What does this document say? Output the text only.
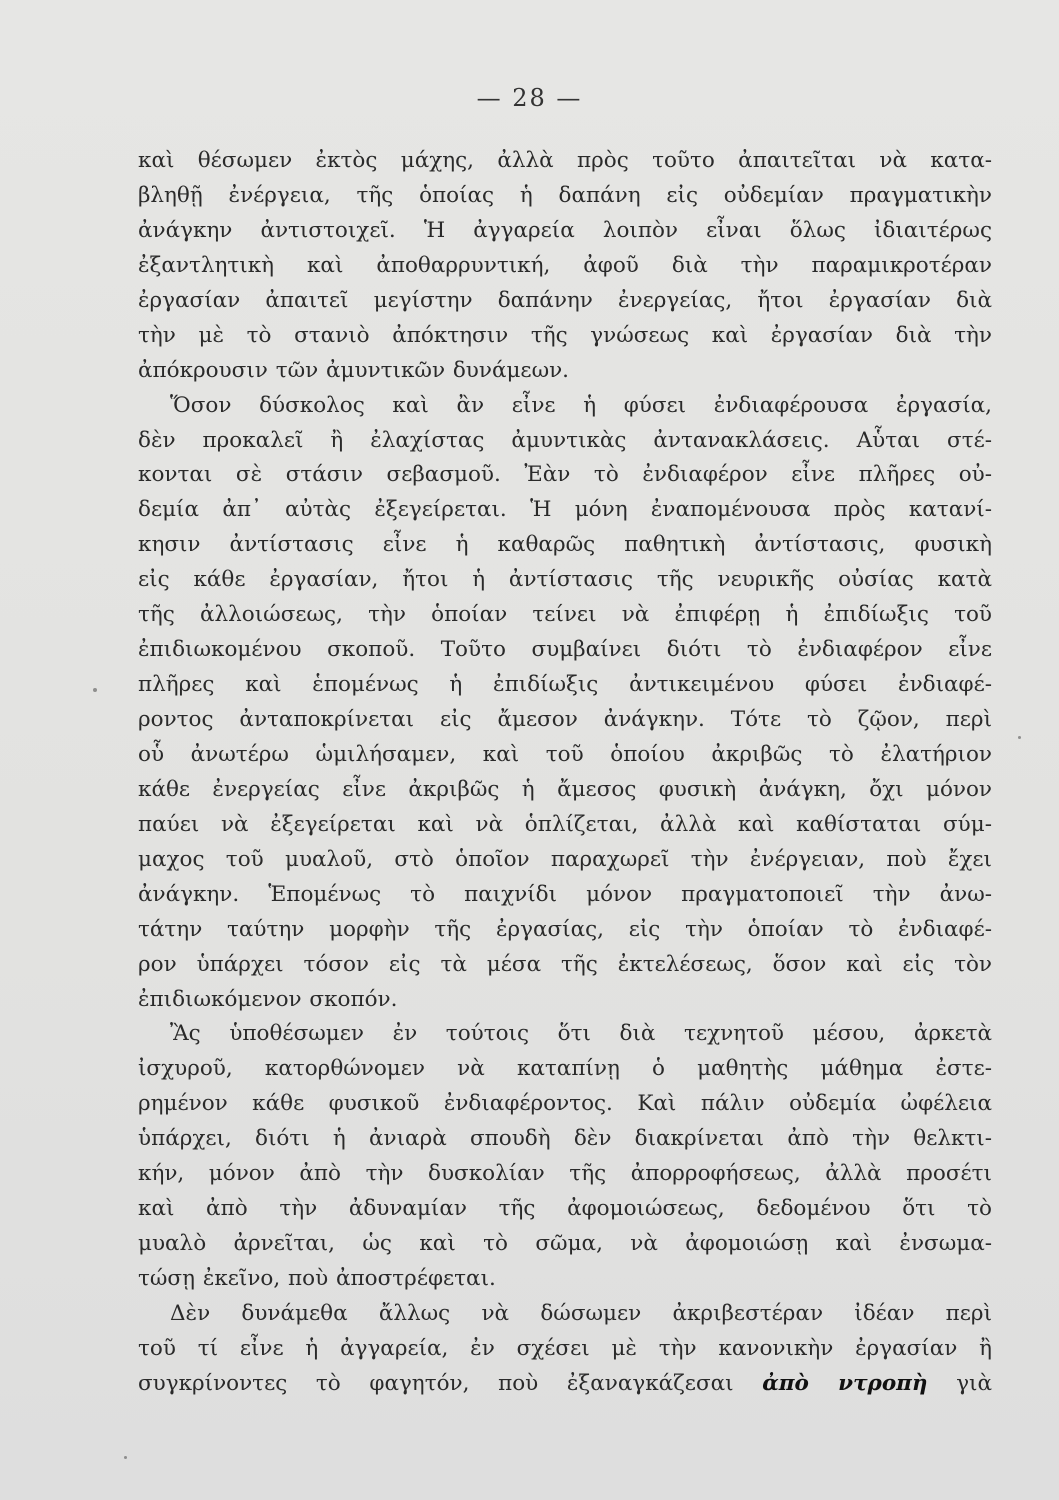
— 28 —
καὶ θέσωμεν ἐκτὸς μάχης, ἀλλὰ πρὸς τοῦτο ἀπαιτεῖται νὰ κατα-
βληθῇ ἐνέργεια, τῆς ὁποίας ἡ δαπάνη εἰς οὐδεμίαν πραγματικὴν
ἀνάγκην ἀντιστοιχεῖ. Ἡ ἀγγαρεία λοιπὸν εἶναι ὅλως ἰδιαιτέρως
ἐξαντλητικὴ καὶ ἀποθαρρυντική, ἀφοῦ διὰ τὴν παραμικροτέραν
ἐργασίαν ἀπαιτεῖ μεγίστην δαπάνην ἐνεργείας, ἤτοι ἐργασίαν διὰ
τὴν μὲ τὸ στανιὸ ἀπόκτησιν τῆς γνώσεως καὶ ἐργασίαν διὰ τὴν
ἀπόκρουσιν τῶν ἀμυντικῶν δυνάμεων.
Ὅσον δύσκολος καὶ ἂν εἶνε ἡ φύσει ἐνδιαφέρουσα ἐργασία,
δὲν προκαλεῖ ἢ ἐλαχίστας ἀμυντικὰς ἀντανακλάσεις. Αὗται στέ-
κονται σὲ στάσιν σεβασμοῦ. Ἐὰν τὸ ἐνδιαφέρον εἶνε πλῆρες οὐ-
δεμία ἀπ᾽ αὐτὰς ἐξεγείρεται. Ἡ μόνη ἐναπομένουσα πρὸς κατανί-
κησιν ἀντίστασις εἶνε ἡ καθαρῶς παθητικὴ ἀντίστασις, φυσικὴ
εἰς κάθε ἐργασίαν, ἤτοι ἡ ἀντίστασις τῆς νευρικῆς οὐσίας κατὰ
τῆς ἀλλοιώσεως, τὴν ὁποίαν τείνει νὰ ἐπιφέρῃ ἡ ἐπιδίωξις τοῦ
ἐπιδιωκομένου σκοποῦ. Τοῦτο συμβαίνει διότι τὸ ἐνδιαφέρον εἶνε
πλῆρες καὶ ἑπομένως ἡ ἐπιδίωξις ἀντικειμένου φύσει ἐνδιαφέ-
ροντος ἀνταποκρίνεται εἰς ἄμεσον ἀνάγκην. Τότε τὸ ζῷον, περὶ
οὗ ἀνωτέρω ὡμιλήσαμεν, καὶ τοῦ ὁποίου ἀκριβῶς τὸ ἐλατήριον
κάθε ἐνεργείας εἶνε ἀκριβῶς ἡ ἄμεσος φυσικὴ ἀνάγκη, ὄχι μόνον
παύει νὰ ἐξεγείρεται καὶ νὰ ὁπλίζεται, ἀλλὰ καὶ καθίσταται σύμ-
μαχος τοῦ μυαλοῦ, στὸ ὁποῖον παραχωρεῖ τὴν ἐνέργειαν, ποὺ ἔχει
ἀνάγκην. Ἑπομένως τὸ παιχνίδι μόνον πραγματοποιεῖ τὴν ἀνω-
τάτην ταύτην μορφὴν τῆς ἐργασίας, εἰς τὴν ὁποίαν τὸ ἐνδιαφέ-
ρον ὑπάρχει τόσον εἰς τὰ μέσα τῆς ἐκτελέσεως, ὅσον καὶ εἰς τὸν
ἐπιδιωκόμενον σκοπόν.
Ἂς ὑποθέσωμεν ἐν τούτοις ὅτι διὰ τεχνητοῦ μέσου, ἀρκετὰ
ἰσχυροῦ, κατορθώνομεν νὰ καταπίνῃ ὁ μαθητὴς μάθημα ἐστε-
ρημένον κάθε φυσικοῦ ἐνδιαφέροντος. Καὶ πάλιν οὐδεμία ὠφέλεια
ὑπάρχει, διότι ἡ ἀνιαρὰ σπουδὴ δὲν διακρίνεται ἀπὸ τὴν θελκτι-
κήν, μόνον ἀπὸ τὴν δυσκολίαν τῆς ἀπορροφήσεως, ἀλλὰ προσέτι
καὶ ἀπὸ τὴν ἀδυναμίαν τῆς ἀφομοιώσεως, δεδομένου ὅτι τὸ
μυαλὸ ἀρνεῖται, ὡς καὶ τὸ σῶμα, νὰ ἀφομοιώσῃ καὶ ἐνσωμα-
τώσῃ ἐκεῖνο, ποὺ ἀποστρέφεται.
Δὲν δυνάμεθα ἄλλως νὰ δώσωμεν ἀκριβεστέραν ἰδέαν περὶ
τοῦ τί εἶνε ἡ ἀγγαρεία, ἐν σχέσει μὲ τὴν κανονικὴν ἐργασίαν ἢ
συγκρίνοντες τὸ φαγητόν, ποὺ ἐξαναγκάζεσαι ἀπὸ ντροπὴ γιὰ
